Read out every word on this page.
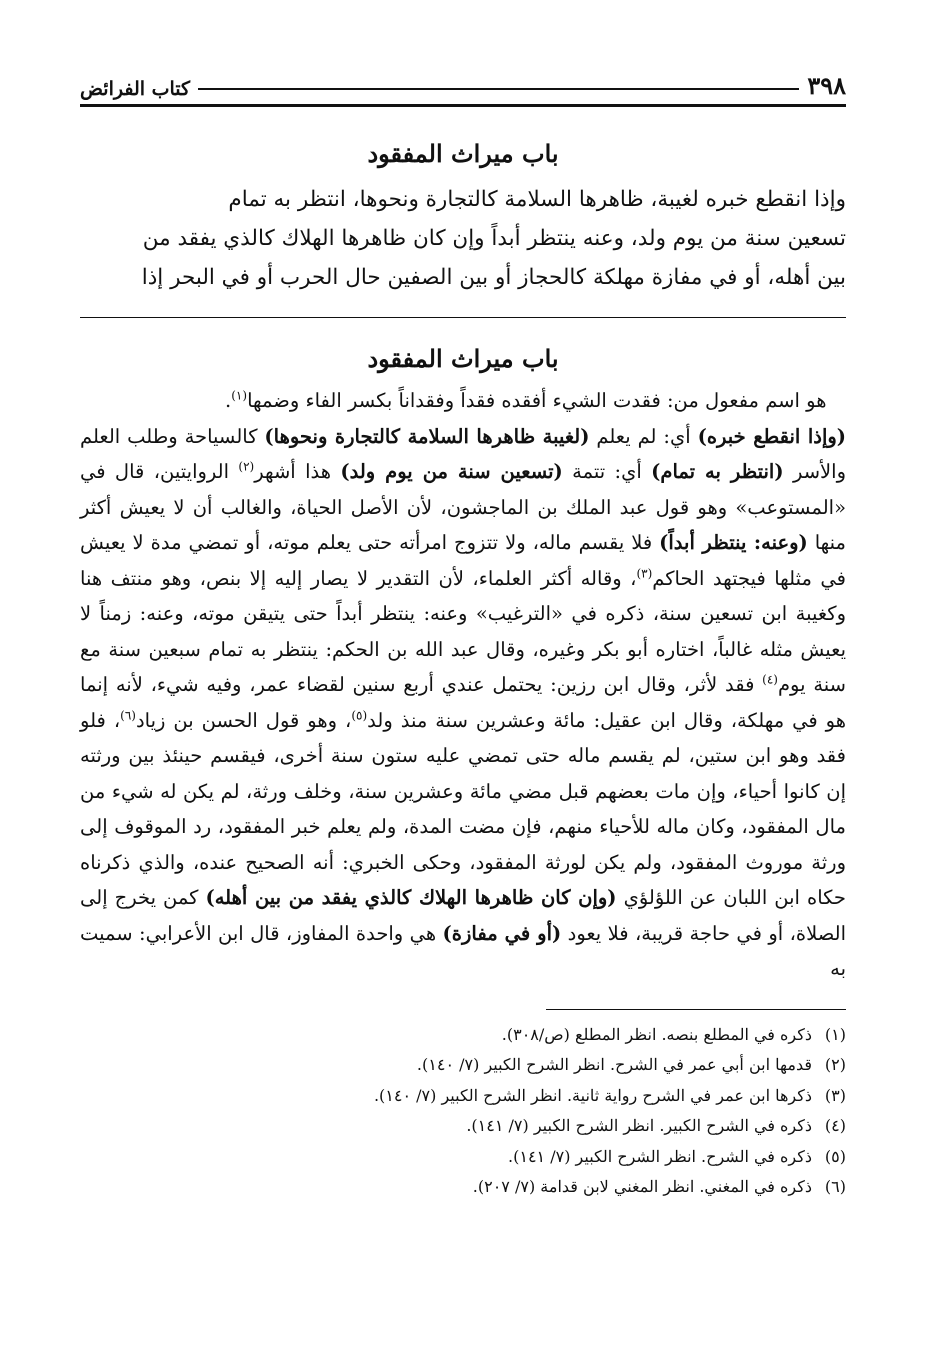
٣٩٨
كتاب الفرائض
باب ميراث المفقود

وإذا انقطع خبره لغيبة، ظاهرها السلامة كالتجارة ونحوها، انتظر به تمام

تسعين سنة من يوم ولد، وعنه ينتظر أبداً وإن كان ظاهرها الهلاك كالذي يفقد من

بين أهله، أو في مفازة مهلكة كالحجاز أو بين الصفين حال الحرب أو في البحر إذا

باب ميراث المفقود

 هو اسم مفعول من: فقدت الشيء أفقده فقداً وفقداناً بكسر الفاء وضمها$^{(١)}$.

(وإذا انقطع خبره) أي: لم يعلم (لغيبة ظاهرها السلامة كالتجارة ونحوها) كالسياحة وطلب العلم والأسر (انتظر به تمام) أي: تتمة (تسعين سنة من يوم ولد) هذا أشهر$^{(٢)}$ الروايتين، قال في «المستوعب» وهو قول عبد الملك بن الماجشون، لأن الأصل الحياة، والغالب أن لا يعيش أكثر منها (وعنه: ينتظر أبداً) فلا يقسم ماله، ولا تتزوج امرأته حتى يعلم موته، أو تمضي مدة لا يعيش في مثلها فيجتهد الحاكم$^{(٣)}$، وقاله أكثر العلماء، لأن التقدير لا يصار إليه إلا بنص، وهو منتف هنا وكغيبة ابن تسعين سنة، ذكره في «الترغيب» وعنه: ينتظر أبداً حتى يتيقن موته، وعنه: زمناً لا يعيش مثله غالباً، اختاره أبو بكر وغيره، وقال عبد الله بن الحكم: ينتظر به تمام سبعين سنة مع سنة يوم$^{(٤)}$ فقد لأثر، وقال ابن رزين: يحتمل عندي أربع سنين لقضاء عمر، وفيه شيء، لأنه إنما هو في مهلكة، وقال ابن عقيل: مائة وعشرين سنة منذ ولد$^{(٥)}$، وهو قول الحسن بن زياد$^{(٦)}$، فلو فقد وهو ابن ستين، لم يقسم ماله حتى تمضي عليه ستون سنة أخرى، فيقسم حينئذ بين ورثته إن كانوا أحياء، وإن مات بعضهم قبل مضي مائة وعشرين سنة، وخلف ورثة، لم يكن له شيء من مال المفقود، وكان ماله للأحياء منهم، فإن مضت المدة، ولم يعلم خبر المفقود، رد الموقوف إلى ورثة موروث المفقود، ولم يكن لورثة المفقود، وحكى الخبري: أنه الصحيح عنده، والذي ذكرناه حكاه ابن اللبان عن اللؤلؤي (وإن كان ظاهرها الهلاك كالذي يفقد من بين أهله) كمن يخرج إلى الصلاة، أو في حاجة قريبة، فلا يعود (أو في مفازة) هي واحدة المفاوز، قال ابن الأعرابي: سميت به

(١)
ذكره في المطلع بنصه. انظر المطلع (ص/٣٠٨).
(٢)
قدمها ابن أبي عمر في الشرح. انظر الشرح الكبير (٧/ ١٤٠).
(٣)
ذكرها ابن عمر في الشرح رواية ثانية. انظر الشرح الكبير (٧/ ١٤٠).
(٤)
ذكره في الشرح الكبير. انظر الشرح الكبير (٧/ ١٤١).
(٥)
ذكره في الشرح. انظر الشرح الكبير (٧/ ١٤١).
(٦)
ذكره في المغني. انظر المغني لابن قدامة (٧/ ٢٠٧).
